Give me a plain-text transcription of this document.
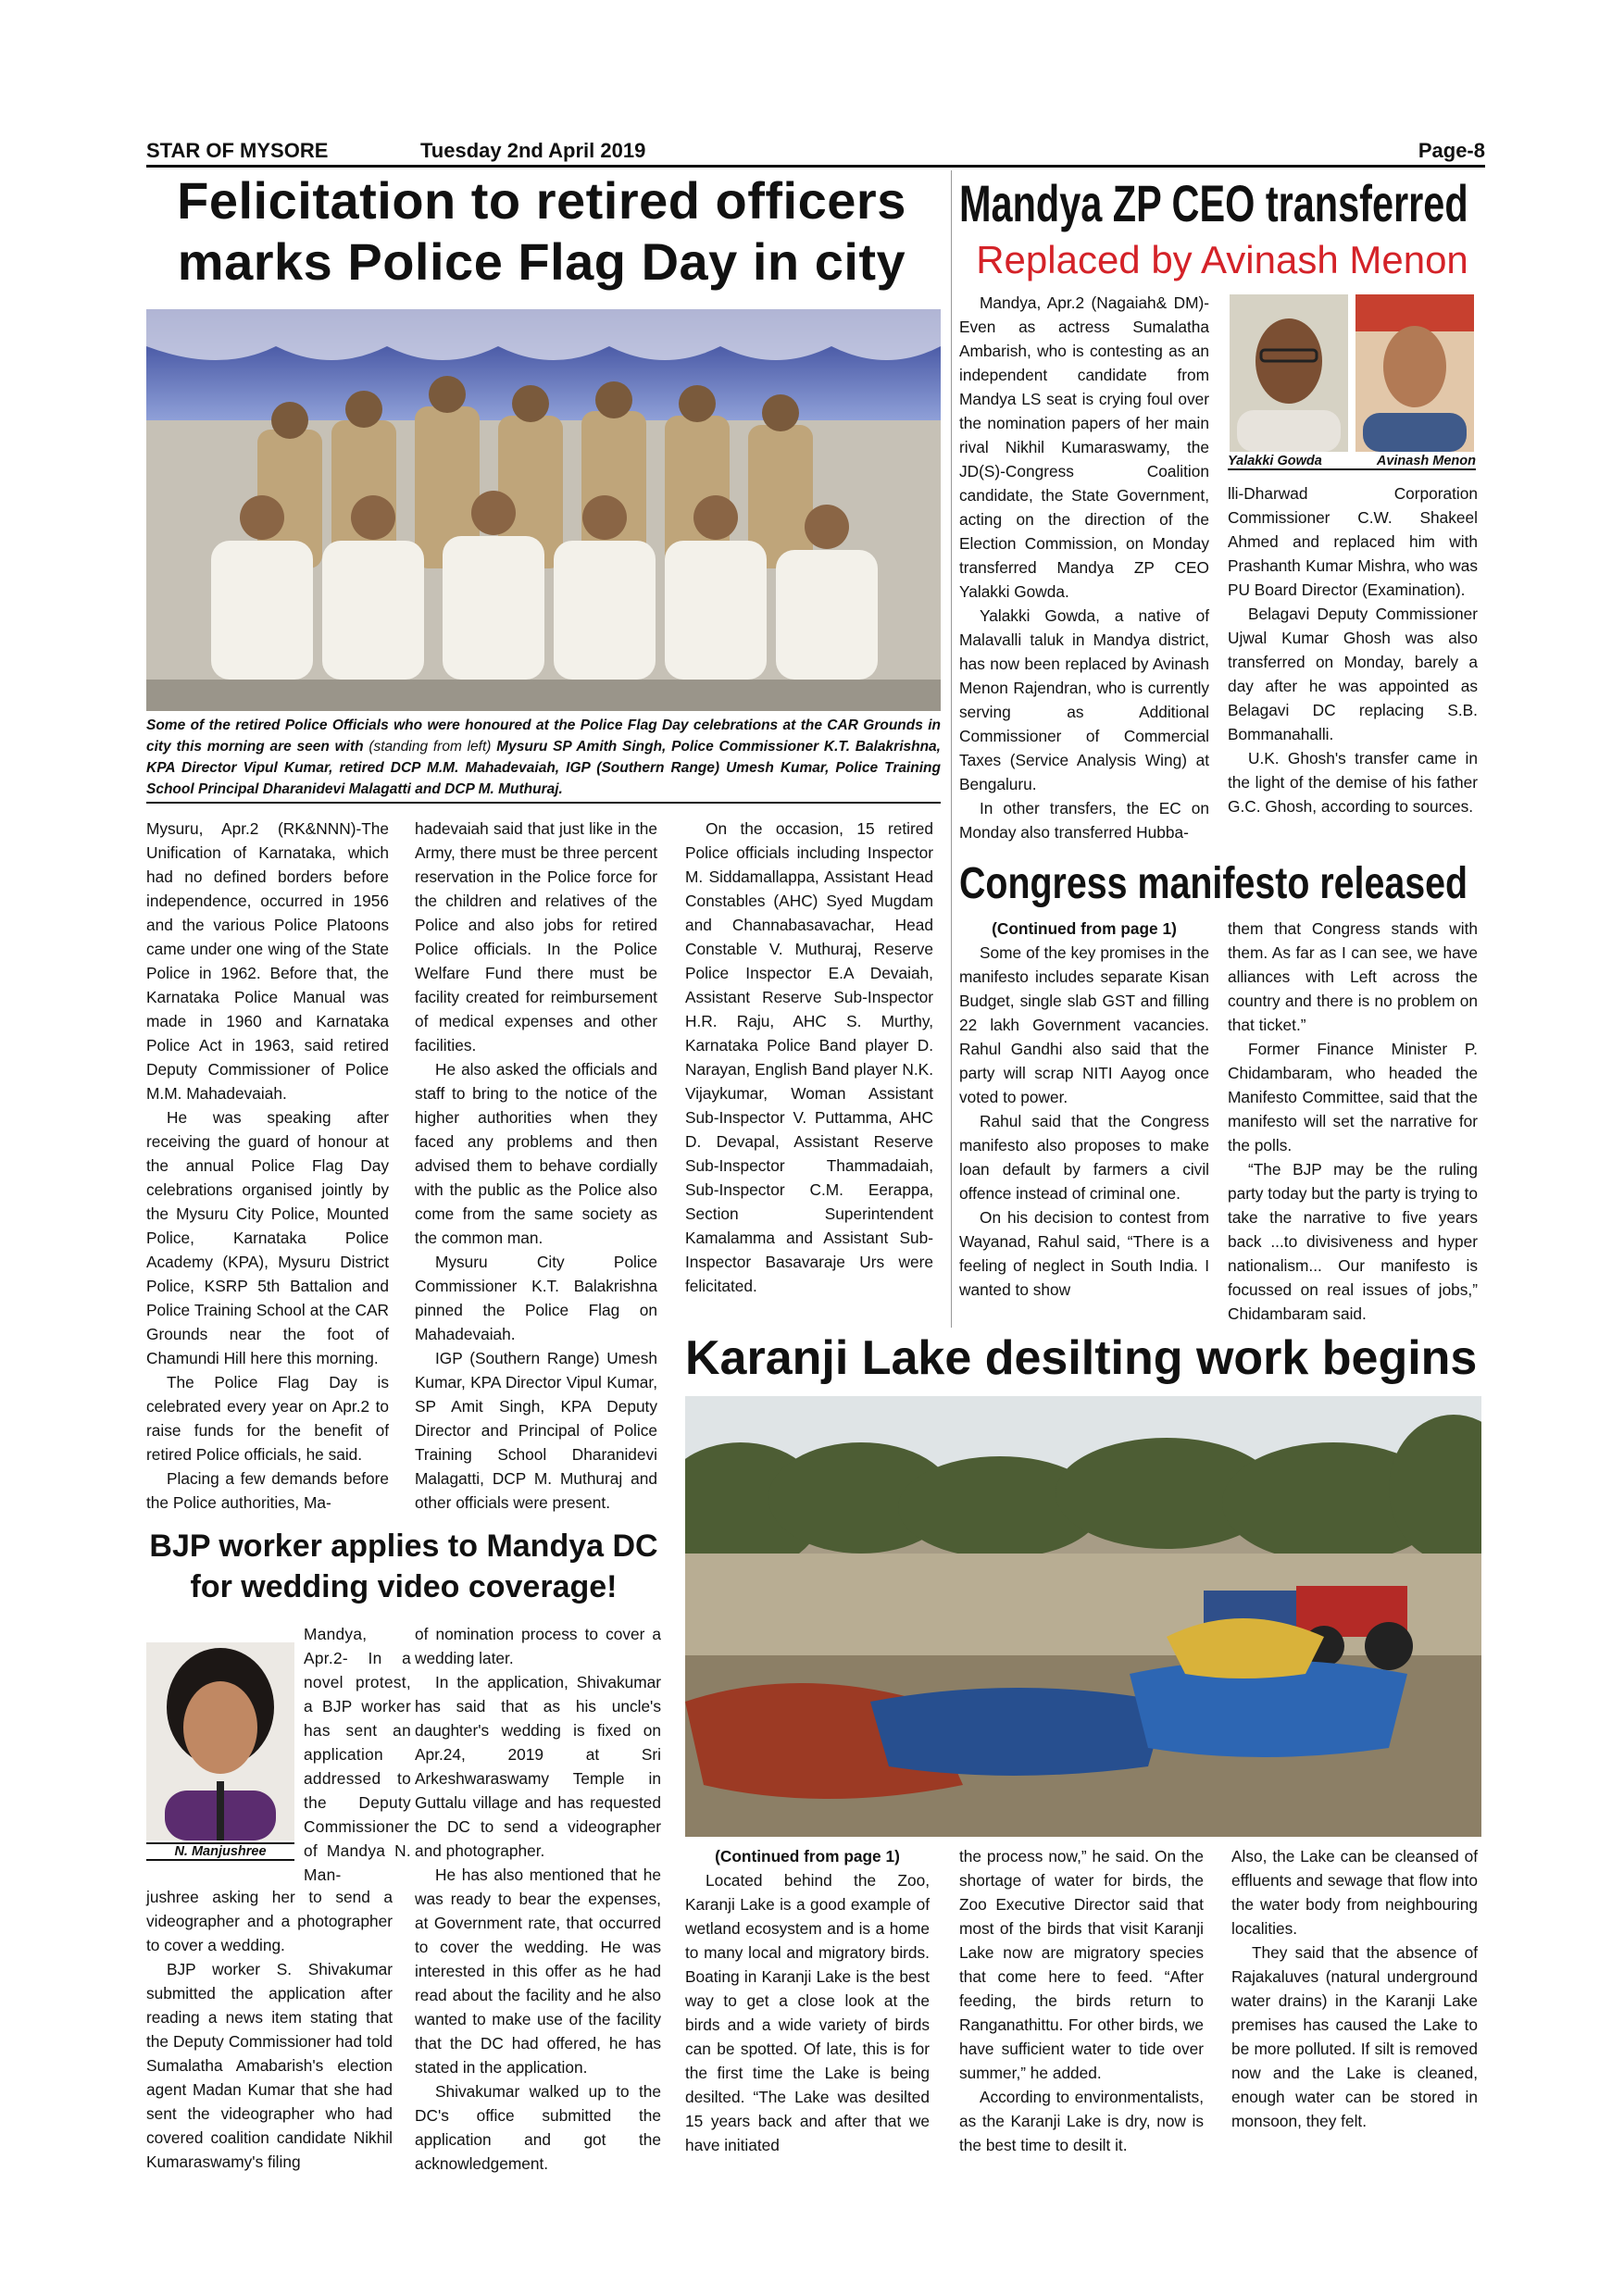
STAR OF MYSORE	Tuesday 2nd April 2019	Page-8
Felicitation to retired officers
marks Police Flag Day in city
Some of the retired Police Officials who were honoured at the Police Flag Day celebrations at the CAR Grounds in city this morning are seen with (standing from left) Mysuru SP Amith Singh, Police Commissioner K.T. Balakrishna, KPA Director Vipul Kumar, retired DCP M.M. Mahadevaiah, IGP (Southern Range) Umesh Kumar, Police Training School Principal Dharanidevi Malagatti and DCP M. Muthuraj.

Mysuru, Apr.2 (RK&NNN)-The Unification of Karnataka, which had no defined borders before independence, occurred in 1956 and the various Police Platoons came under one wing of the State Police in 1962. Before that, the Karnataka Police Manual was made in 1960 and Karnataka Police Act in 1963, said retired Deputy Commissioner of Police M.M. Mahadevaiah.

He was speaking after receiving the guard of honour at the annual Police Flag Day celebrations organised jointly by the Mysuru City Police, Mounted Police, Karnataka Police Academy (KPA), Mysuru District Police, KSRP 5th Battalion and Police Training School at the CAR Grounds near the foot of Chamundi Hill here this morning.

The Police Flag Day is celebrated every year on Apr.2 to raise funds for the benefit of retired Police officials, he said.

Placing a few demands before the Police authorities, Ma-

hadevaiah said that just like in the Army, there must be three percent reservation in the Police force for the children and relatives of the Police and also jobs for retired Police officials. In the Police Welfare Fund there must be facility created for reimbursement of medical expenses and other facilities.

He also asked the officials and staff to bring to the notice of the higher authorities when they faced any problems and then advised them to behave cordially with the public as the Police also come from the same society as the common man.

Mysuru City Police Commissioner K.T. Balakrishna pinned the Police Flag on Mahadevaiah.

IGP (Southern Range) Umesh Kumar, KPA Director Vipul Kumar, SP Amit Singh, KPA Deputy Director and Principal of Police Training School Dharanidevi Malagatti, DCP M. Muthuraj and other officials were present.

On the occasion, 15 retired Police officials including Inspector M. Siddamallappa, Assistant Head Constables (AHC) Syed Mugdam and Channabasavachar, Head Constable V. Muthuraj, Reserve Police Inspector E.A Devaiah, Assistant Reserve Sub-Inspector H.R. Raju, AHC S. Murthy, Karnataka Police Band player D. Narayan, English Band player N.K. Vijaykumar, Woman Assistant Sub-Inspector V. Puttamma, AHC D. Devapal, Assistant Reserve Sub-Inspector Thammadaiah, Sub-Inspector C.M. Eerappa, Section Superintendent Kamalamma and Assistant Sub-Inspector Basavaraje Urs were felicitated.

Mandya ZP CEO transferred
Replaced by Avinash Menon

Mandya, Apr.2 (Nagaiah& DM)- Even as actress Sumalatha Ambarish, who is contesting as an independent candidate from Mandya LS seat is crying foul over the nomination papers of her main rival Nikhil Kumaraswamy, the JD(S)-Congress Coalition candidate, the State Government, acting on the direction of the Election Commission, on Monday transferred Mandya ZP CEO Yalakki Gowda.

Yalakki Gowda, a native of Malavalli taluk in Mandya district, has now been replaced by Avinash Menon Rajendran, who is currently serving as Additional Commissioner of Commercial Taxes (Service Analysis Wing) at Bengaluru.

In other transfers, the EC on Monday also transferred Hubba-

Yalakki Gowda	Avinash Menon

lli-Dharwad Corporation Commissioner C.W. Shakeel Ahmed and replaced him with Prashanth Kumar Mishra, who was PU Board Director (Examination).

Belagavi Deputy Commissioner Ujwal Kumar Ghosh was also transferred on Monday, barely a day after he was appointed as Belagavi DC replacing S.B. Bommanahalli.

U.K. Ghosh's transfer came in the light of the demise of his father G.C. Ghosh, according to sources.

Congress manifesto released

(Continued from page 1)

Some of the key promises in the manifesto includes separate Kisan Budget, single slab GST and filling 22 lakh Government vacancies. Rahul Gandhi also said that the party will scrap NITI Aayog once voted to power.

Rahul said that the Congress manifesto also proposes to make loan default by farmers a civil offence instead of criminal one.

On his decision to contest from Wayanad, Rahul said, “There is a feeling of neglect in South India. I wanted to show

them that Congress stands with them. As far as I can see, we have alliances with Left across the country and there is no problem on that ticket.”

Former Finance Minister P. Chidambaram, who headed the Manifesto Committee, said that the manifesto will set the narrative for the polls.

“The BJP may be the ruling party today but the party is trying to take the narrative to five years back ...to divisiveness and hyper nationalism... Our manifesto is focussed on real issues of jobs,” Chidambaram said.

Karanji Lake desilting work begins

(Continued from page 1)

Located behind the Zoo, Karanji Lake is a good example of wetland ecosystem and is a home to many local and migratory birds. Boating in Karanji Lake is the best way to get a close look at the birds and a wide variety of birds can be spotted. Of late, this is for the first time the Lake is being desilted. “The Lake was desilted 15 years back and after that we have initiated

the process now,” he said. On the shortage of water for birds, the Zoo Executive Director said that most of the birds that visit Karanji Lake now are migratory species that come here to feed. “After feeding, the birds return to Ranganathittu. For other birds, we have sufficient water to tide over summer,” he added.

According to environmentalists, as the Karanji Lake is dry, now is the best time to desilt it.

Also, the Lake can be cleansed of effluents and sewage that flow into the water body from neighbouring localities.

They said that the absence of Rajakaluves (natural underground water drains) in the Karanji Lake premises has caused the Lake to be more polluted. If silt is removed now and the Lake is cleaned, enough water can be stored in monsoon, they felt.

BJP worker applies to Mandya DC
for wedding video coverage!
N. Manjushree

Mandya, Apr.2- In a novel protest, a BJP worker has sent an application addressed to the Deputy Commissioner of Mandya N. Man-

jushree asking her to send a videographer and a photographer to cover a wedding.

BJP worker S. Shivakumar submitted the application after reading a news item stating that the Deputy Commissioner had told Sumalatha Amabarish's election agent Madan Kumar that she had sent the videographer who had covered coalition candidate Nikhil Kumaraswamy's filing

of nomination process to cover a wedding later.

In the application, Shivakumar has said that as his uncle's daughter's wedding is fixed on Apr.24, 2019 at Sri Arkeshwaraswamy Temple in Guttalu village and has requested the DC to send a videographer and photographer.

He has also mentioned that he was ready to bear the expenses, at Government rate, that occurred to cover the wedding. He was interested in this offer as he had read about the facility and he also wanted to make use of the facility that the DC had offered, he has stated in the application.

Shivakumar walked up to the DC's office submitted the application and got the acknowledgement.
